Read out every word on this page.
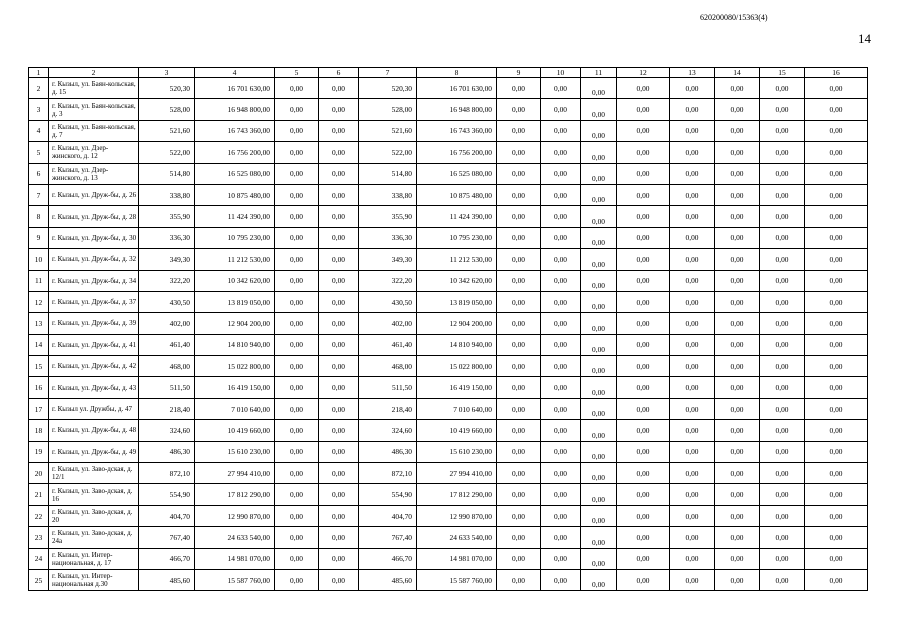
620200080/15363(4)
14
1	2	3	4	5	6	7	8	9	10	11	12	13	14	15	16
2	г. Кызыл, ул. Баян-кольская, д. 15	520,30	16 701 630,00	0,00	0,00	520,30	16 701 630,00	0,00	0,00	0,00	0,00	0,00	0,00	0,00	0,00
3	г. Кызыл, ул. Баян-кольская, д. 3	528,00	16 948 800,00	0,00	0,00	528,00	16 948 800,00	0,00	0,00	0,00	0,00	0,00	0,00	0,00	0,00
4	г. Кызыл, ул. Баян-кольская, д. 7	521,60	16 743 360,00	0,00	0,00	521,60	16 743 360,00	0,00	0,00	0,00	0,00	0,00	0,00	0,00	0,00
5	г. Кызыл, ул. Дзер-жинского, д. 12	522,00	16 756 200,00	0,00	0,00	522,00	16 756 200,00	0,00	0,00	0,00	0,00	0,00	0,00	0,00	0,00
6	г. Кызыл, ул. Дзер-жинского, д. 13	514,80	16 525 080,00	0,00	0,00	514,80	16 525 080,00	0,00	0,00	0,00	0,00	0,00	0,00	0,00	0,00
7	г. Кызыл, ул. Друж-бы, д. 26	338,80	10 875 480,00	0,00	0,00	338,80	10 875 480,00	0,00	0,00	0,00	0,00	0,00	0,00	0,00	0,00
8	г. Кызыл, ул. Друж-бы, д. 28	355,90	11 424 390,00	0,00	0,00	355,90	11 424 390,00	0,00	0,00	0,00	0,00	0,00	0,00	0,00	0,00
9	г. Кызыл, ул. Друж-бы, д. 30	336,30	10 795 230,00	0,00	0,00	336,30	10 795 230,00	0,00	0,00	0,00	0,00	0,00	0,00	0,00	0,00
10	г. Кызыл, ул. Друж-бы, д. 32	349,30	11 212 530,00	0,00	0,00	349,30	11 212 530,00	0,00	0,00	0,00	0,00	0,00	0,00	0,00	0,00
11	г. Кызыл, ул. Друж-бы, д. 34	322,20	10 342 620,00	0,00	0,00	322,20	10 342 620,00	0,00	0,00	0,00	0,00	0,00	0,00	0,00	0,00
12	г. Кызыл, ул. Друж-бы, д. 37	430,50	13 819 050,00	0,00	0,00	430,50	13 819 050,00	0,00	0,00	0,00	0,00	0,00	0,00	0,00	0,00
13	г. Кызыл, ул. Друж-бы, д. 39	402,00	12 904 200,00	0,00	0,00	402,00	12 904 200,00	0,00	0,00	0,00	0,00	0,00	0,00	0,00	0,00
14	г. Кызыл, ул. Друж-бы, д. 41	461,40	14 810 940,00	0,00	0,00	461,40	14 810 940,00	0,00	0,00	0,00	0,00	0,00	0,00	0,00	0,00
15	г. Кызыл, ул. Друж-бы, д. 42	468,00	15 022 800,00	0,00	0,00	468,00	15 022 800,00	0,00	0,00	0,00	0,00	0,00	0,00	0,00	0,00
16	г. Кызыл, ул. Друж-бы, д. 43	511,50	16 419 150,00	0,00	0,00	511,50	16 419 150,00	0,00	0,00	0,00	0,00	0,00	0,00	0,00	0,00
17	г. Кызыл ул. Дружбы, д. 47	218,40	7 010 640,00	0,00	0,00	218,40	7 010 640,00	0,00	0,00	0,00	0,00	0,00	0,00	0,00	0,00
18	г. Кызыл, ул. Друж-бы, д. 48	324,60	10 419 660,00	0,00	0,00	324,60	10 419 660,00	0,00	0,00	0,00	0,00	0,00	0,00	0,00	0,00
19	г. Кызыл, ул. Друж-бы, д. 49	486,30	15 610 230,00	0,00	0,00	486,30	15 610 230,00	0,00	0,00	0,00	0,00	0,00	0,00	0,00	0,00
20	г. Кызыл, ул. Заво-дская, д. 12/1	872,10	27 994 410,00	0,00	0,00	872,10	27 994 410,00	0,00	0,00	0,00	0,00	0,00	0,00	0,00	0,00
21	г. Кызыл, ул. Заво-дская, д. 16	554,90	17 812 290,00	0,00	0,00	554,90	17 812 290,00	0,00	0,00	0,00	0,00	0,00	0,00	0,00	0,00
22	г. Кызыл, ул. Заво-дская, д. 20	404,70	12 990 870,00	0,00	0,00	404,70	12 990 870,00	0,00	0,00	0,00	0,00	0,00	0,00	0,00	0,00
23	г. Кызыл, ул. Заво-дская, д. 24а	767,40	24 633 540,00	0,00	0,00	767,40	24 633 540,00	0,00	0,00	0,00	0,00	0,00	0,00	0,00	0,00
24	г. Кызыл, ул. Интер-национальная, д. 17	466,70	14 981 070,00	0,00	0,00	466,70	14 981 070,00	0,00	0,00	0,00	0,00	0,00	0,00	0,00	0,00
25	г. Кызыл, ул. Интер-национальная д.30	485,60	15 587 760,00	0,00	0,00	485,60	15 587 760,00	0,00	0,00	0,00	0,00	0,00	0,00	0,00	0,00
